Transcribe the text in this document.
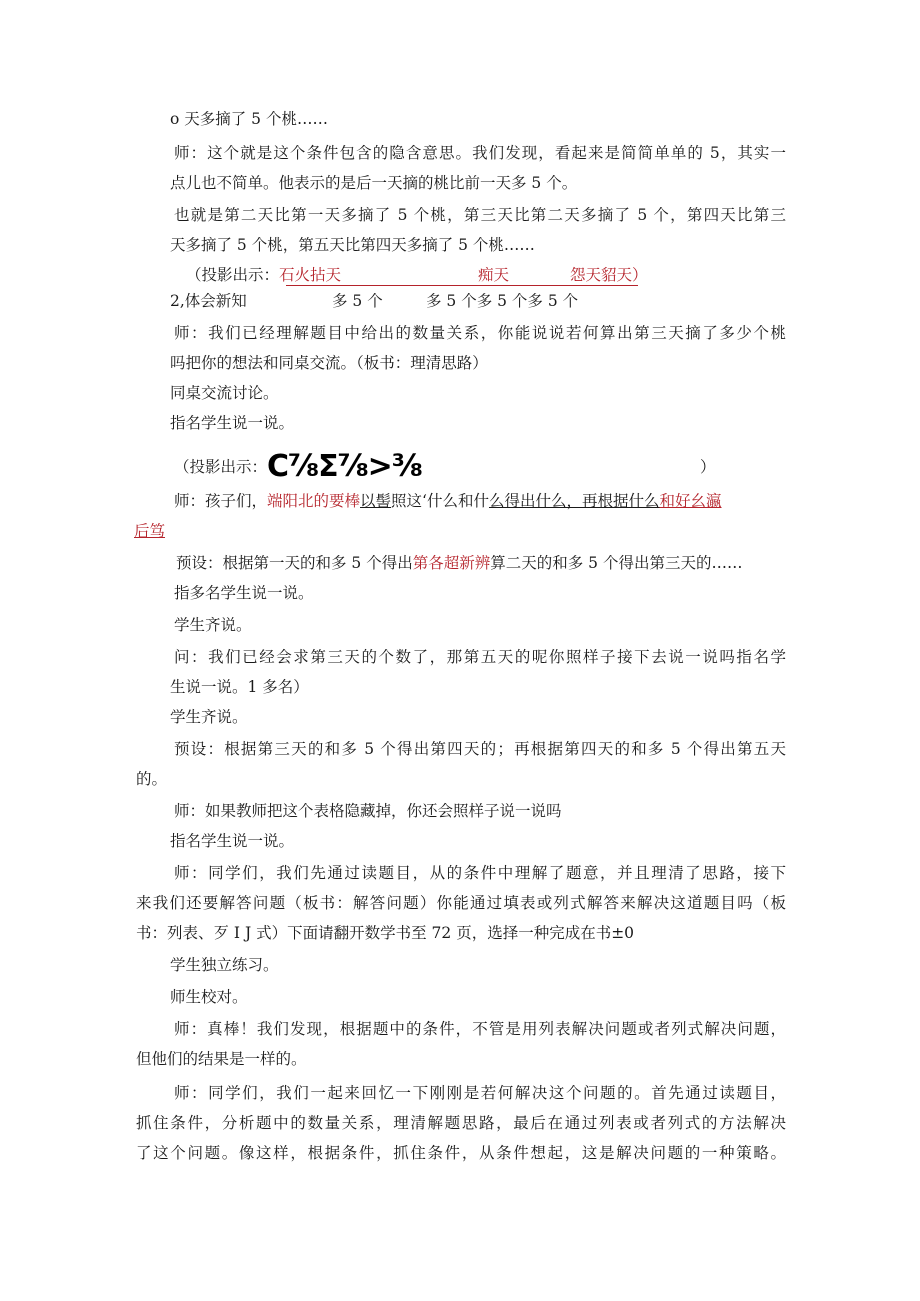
o 天多摘了 5 个桃……
师：这个就是这个条件包含的隐含意思。我们发现，看起来是简简单单的 5，其实一
点儿也不简单。他表示的是后一天摘的桃比前一天多 5 个。
也就是第二天比第一天多摘了 5 个桃，第三天比第二天多摘了 5 个，第四天比第三
天多摘了 5 个桃，第五天比第四天多摘了 5 个桃……
（投影出示：石火拈天	痴天	怨天貂天）
2,体会新知	多 5 个	多 5 个多 5 个多 5 个
师：我们已经理解题目中给出的数量关系，你能说说若何算出第三天摘了多少个桃
吗把你的想法和同桌交流。（板书：理清思路）
同桌交流讨论。
指名学生说一说。
（投影出示：C⅞Σ⅞>⅜	）
师：孩子们，端阳北的要棒以髻照这‘什么和什么得出什么，再根据什么和好幺瀛
后笃
预设：根据第一天的和多 5 个得出第各超新辨算二天的和多 5 个得出第三天的……
指多名学生说一说。
学生齐说。
问：我们已经会求第三天的个数了，那第五天的呢你照样子接下去说一说吗指名学
生说一说。1 多名）
学生齐说。
预设：根据第三天的和多 5 个得出第四天的；再根据第四天的和多 5 个得出第五天
的。
师：如果教师把这个表格隐藏掉，你还会照样子说一说吗
指名学生说一说。
师：同学们，我们先通过读题目，从的条件中理解了题意，并且理清了思路，接下
来我们还要解答问题（板书：解答问题）你能通过填表或列式解答来解决这道题目吗（板
书：列表、歹 I J 式）下面请翻开数学书至 72 页，选择一种完成在书±0
学生独立练习。
师生校对。
师：真棒！我们发现，根据题中的条件，不管是用列表解决问题或者列式解决问题，
但他们的结果是一样的。
师：同学们，我们一起来回忆一下刚刚是若何解决这个问题的。首先通过读题目，
抓住条件，分析题中的数量关系，理清解题思路，最后在通过列表或者列式的方法解决
了这个问题。像这样，根据条件，抓住条件，从条件想起，这是解决问题的一种策略。
